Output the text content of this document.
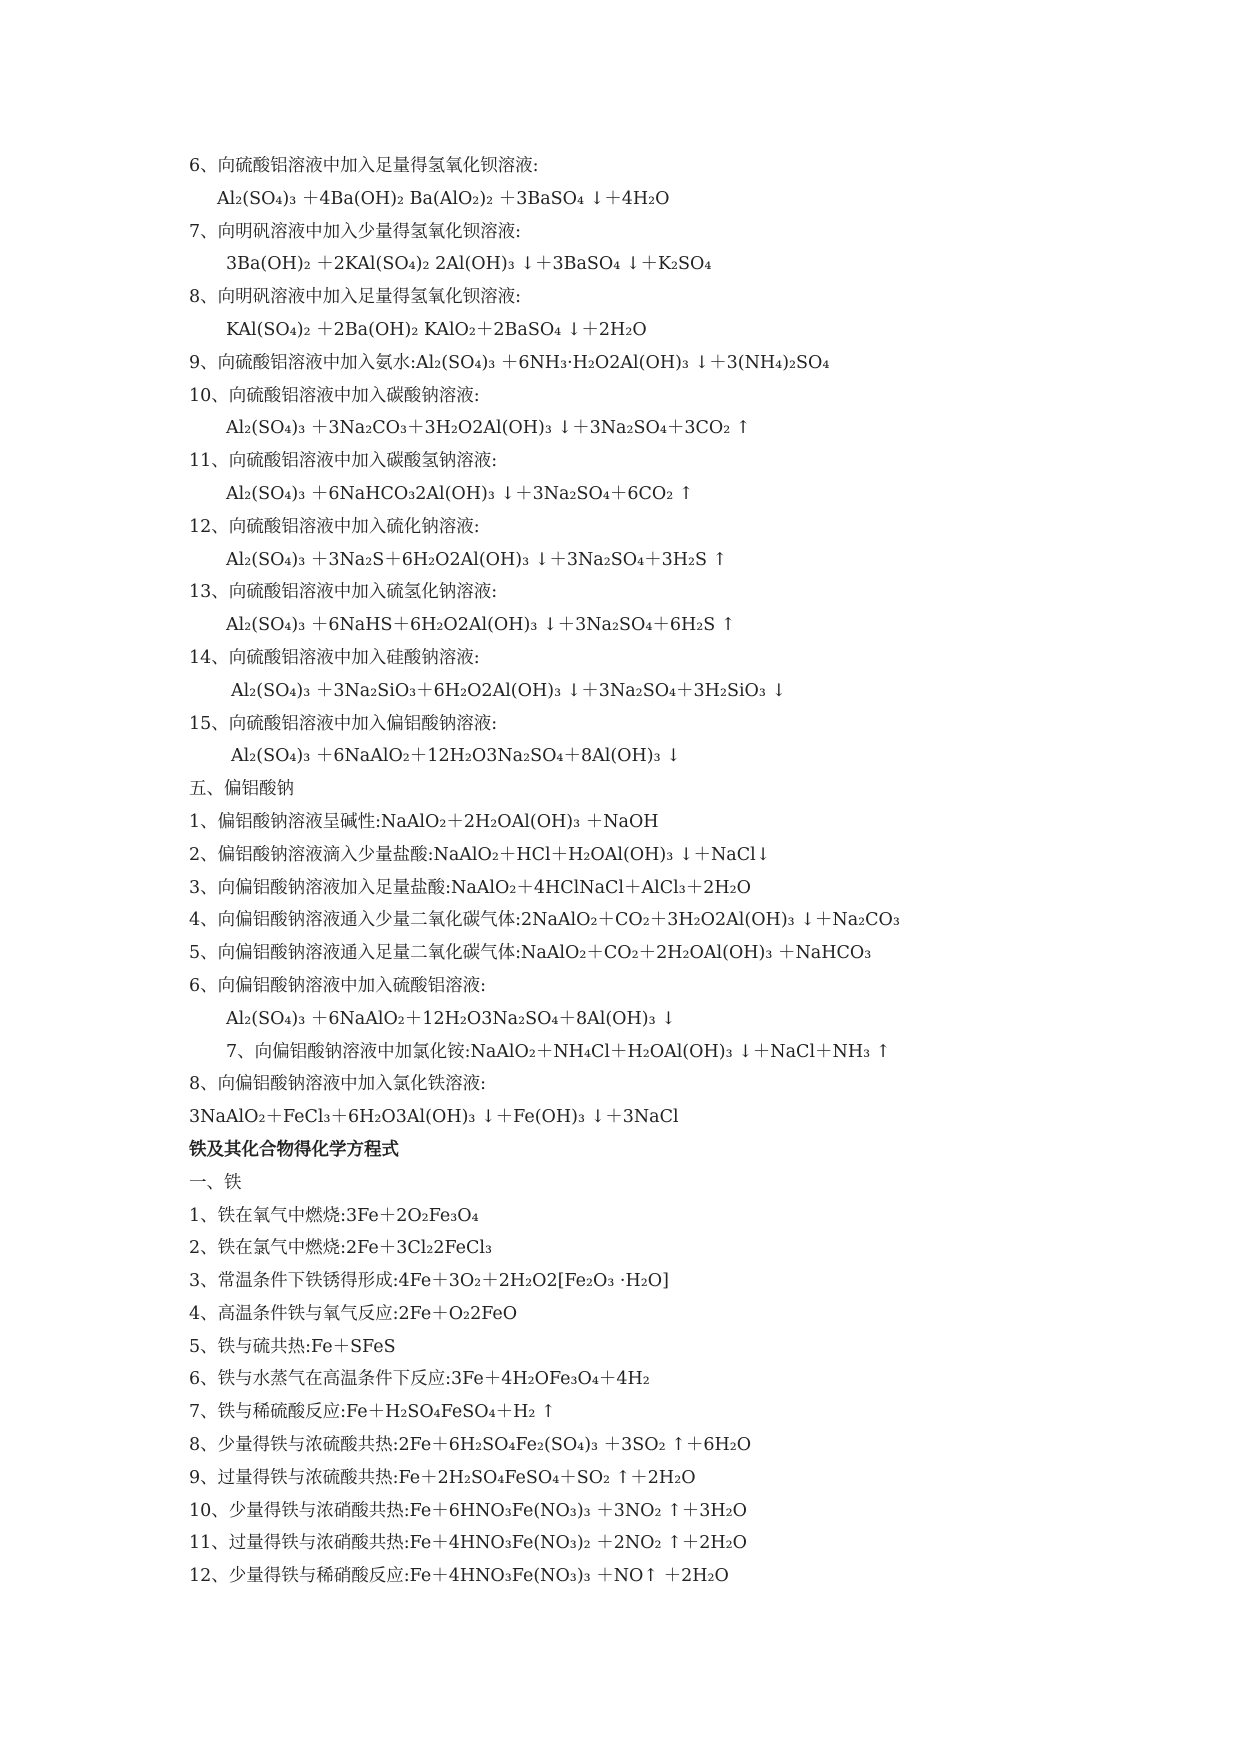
6、向硫酸铝溶液中加入足量得氢氧化钡溶液:
Al₂(SO₄)₃ ＋4Ba(OH)₂ Ba(AlO₂)₂ ＋3BaSO₄ ↓＋4H₂O
7、向明矾溶液中加入少量得氢氧化钡溶液:
3Ba(OH)₂ ＋2KAl(SO₄)₂ 2Al(OH)₃ ↓＋3BaSO₄ ↓＋K₂SO₄
8、向明矾溶液中加入足量得氢氧化钡溶液:
KAl(SO₄)₂ ＋2Ba(OH)₂ KAlO₂＋2BaSO₄ ↓＋2H₂O
9、向硫酸铝溶液中加入氨水:Al₂(SO₄)₃ ＋6NH₃·H₂O2Al(OH)₃ ↓＋3(NH₄)₂SO₄
10、向硫酸铝溶液中加入碳酸钠溶液:
Al₂(SO₄)₃ ＋3Na₂CO₃＋3H₂O2Al(OH)₃ ↓＋3Na₂SO₄＋3CO₂ ↑
11、向硫酸铝溶液中加入碳酸氢钠溶液:
Al₂(SO₄)₃ ＋6NaHCO₃2Al(OH)₃ ↓＋3Na₂SO₄＋6CO₂ ↑
12、向硫酸铝溶液中加入硫化钠溶液:
Al₂(SO₄)₃ ＋3Na₂S＋6H₂O2Al(OH)₃ ↓＋3Na₂SO₄＋3H₂S ↑
13、向硫酸铝溶液中加入硫氢化钠溶液:
Al₂(SO₄)₃ ＋6NaHS＋6H₂O2Al(OH)₃ ↓＋3Na₂SO₄＋6H₂S ↑
14、向硫酸铝溶液中加入硅酸钠溶液:
Al₂(SO₄)₃ ＋3Na₂SiO₃＋6H₂O2Al(OH)₃ ↓＋3Na₂SO₄＋3H₂SiO₃ ↓
15、向硫酸铝溶液中加入偏铝酸钠溶液:
Al₂(SO₄)₃ ＋6NaAlO₂＋12H₂O3Na₂SO₄＋8Al(OH)₃ ↓
五、偏铝酸钠
1、偏铝酸钠溶液呈碱性:NaAlO₂＋2H₂OAl(OH)₃ ＋NaOH
2、偏铝酸钠溶液滴入少量盐酸:NaAlO₂＋HCl＋H₂OAl(OH)₃ ↓＋NaCl↓
3、向偏铝酸钠溶液加入足量盐酸:NaAlO₂＋4HClNaCl＋AlCl₃＋2H₂O
4、向偏铝酸钠溶液通入少量二氧化碳气体:2NaAlO₂＋CO₂＋3H₂O2Al(OH)₃ ↓＋Na₂CO₃
5、向偏铝酸钠溶液通入足量二氧化碳气体:NaAlO₂＋CO₂＋2H₂OAl(OH)₃ ＋NaHCO₃
6、向偏铝酸钠溶液中加入硫酸铝溶液:
Al₂(SO₄)₃ ＋6NaAlO₂＋12H₂O3Na₂SO₄＋8Al(OH)₃ ↓
7、向偏铝酸钠溶液中加氯化铵:NaAlO₂＋NH₄Cl＋H₂OAl(OH)₃ ↓＋NaCl＋NH₃ ↑
8、向偏铝酸钠溶液中加入氯化铁溶液:
3NaAlO₂＋FeCl₃＋6H₂O3Al(OH)₃ ↓＋Fe(OH)₃ ↓＋3NaCl
铁及其化合物得化学方程式
一、铁
1、铁在氧气中燃烧:3Fe＋2O₂Fe₃O₄
2、铁在氯气中燃烧:2Fe＋3Cl₂2FeCl₃
3、常温条件下铁锈得形成:4Fe＋3O₂＋2H₂O2[Fe₂O₃ ·H₂O]
4、高温条件铁与氧气反应:2Fe＋O₂2FeO
5、铁与硫共热:Fe＋SFeS
6、铁与水蒸气在高温条件下反应:3Fe＋4H₂OFe₃O₄＋4H₂
7、铁与稀硫酸反应:Fe＋H₂SO₄FeSO₄＋H₂ ↑
8、少量得铁与浓硫酸共热:2Fe＋6H₂SO₄Fe₂(SO₄)₃ ＋3SO₂ ↑＋6H₂O
9、过量得铁与浓硫酸共热:Fe＋2H₂SO₄FeSO₄＋SO₂ ↑＋2H₂O
10、少量得铁与浓硝酸共热:Fe＋6HNO₃Fe(NO₃)₃ ＋3NO₂ ↑＋3H₂O
11、过量得铁与浓硝酸共热:Fe＋4HNO₃Fe(NO₃)₂ ＋2NO₂ ↑＋2H₂O
12、少量得铁与稀硝酸反应:Fe＋4HNO₃Fe(NO₃)₃ ＋NO↑ ＋2H₂O
